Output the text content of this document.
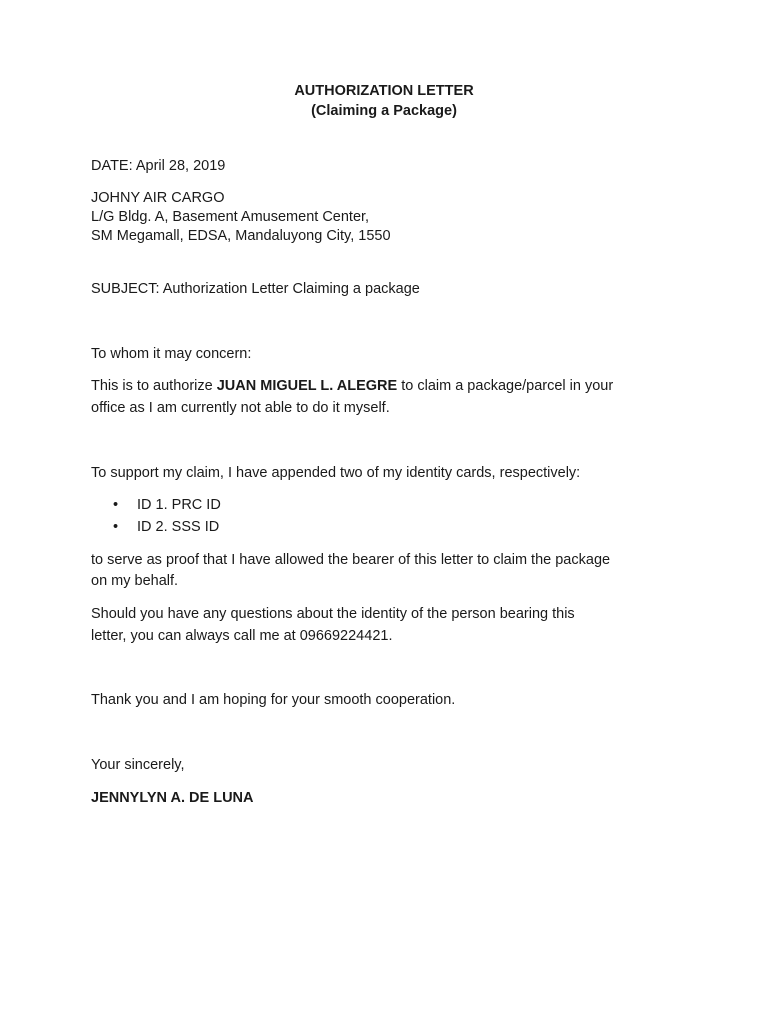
AUTHORIZATION LETTER
(Claiming a Package)
DATE: April 28, 2019
JOHNY AIR CARGO
L/G Bldg. A, Basement Amusement Center,
SM Megamall, EDSA, Mandaluyong City, 1550
SUBJECT: Authorization Letter Claiming a package
To whom it may concern:
This is to authorize JUAN MIGUEL L. ALEGRE to claim a package/parcel in your
office as I am currently not able to do it myself.
To support my claim, I have appended two of my identity cards, respectively:
•	ID 1. PRC ID
•	ID 2. SSS ID
to serve as proof that I have allowed the bearer of this letter to claim the package
on my behalf.
Should you have any questions about the identity of the person bearing this
letter, you can always call me at 09669224421.
Thank you and I am hoping for your smooth cooperation.
Your sincerely,
JENNYLYN A. DE LUNA
